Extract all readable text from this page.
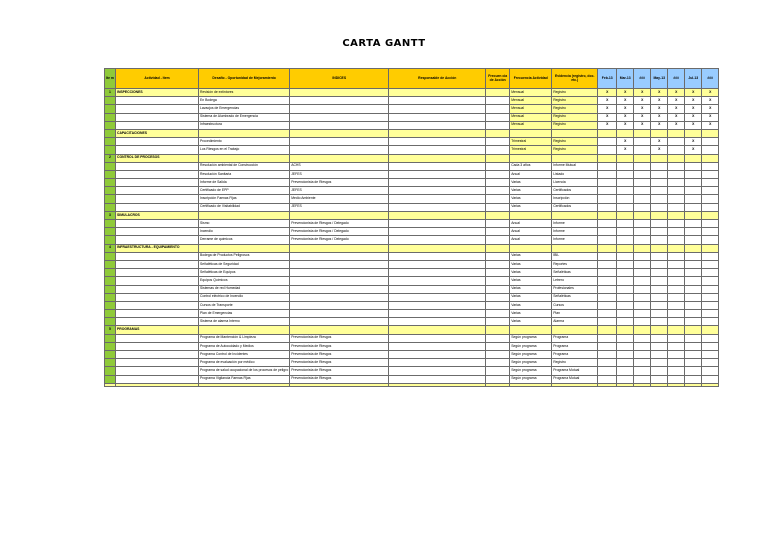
CARTA GANTT
Ite m	Actividad - Item	Desafío - Oportunidad de Mejoramiento	INDICES	Responsable de Acción	Frecuen cia de Acción	Frecuencia Actividad	Evidencia (registro, doc. etc.)	Feb-13	Mar-13	###	May-13	###	Jul-13	###
1	INSPECCIONES	Revisión de extintores				Mensual	Registro	X	X	X	X	X	X	X
		En Bodega				Mensual	Registro	X	X	X	X	X	X	X
		Lavaojos de Emergencias				Mensual	Registro	X	X	X	X	X	X	X
		Sistema de Alumbrado de Emergencia				Mensual	Registro	X	X	X	X	X	X	X
		Infraestructura				Mensual	Registro	X	X	X	X	X	X	X
	CAPACITACIONES													
		Procedimiento				Trimestral	Registro		X		X		X	
		Los Riesgos en el Trabajo				Trimestral	Registro		X		X		X	
2	CONTROL DE PROCESOS													
		Resolución ambiental de Construcción	ACHS			Cada 3 años	Informe Mutual							
		Resolución Sanitaria	JEFES			Anual	Listado							
		Informe de Salida	Prevencionista de Riesgos			Varias	Licencia							
		Certificado de EPP	JEFES			Varias	Certificados							
		Inscripción Faenas Fijas	Medio Ambiente			Varias	Inscripción							
		Certificado de Visitabilidad	JEFES			Varias	Certificados							
3	SIMULACROS													
		Sismo	Prevencionista de Riesgos / Delegado			Anual	Informe							
		Incendio	Prevencionista de Riesgos / Delegado			Anual	Informe							
		Derrame de químicos	Prevencionista de Riesgos / Delegado			Anual	Informe							
4	INFRAESTRUCTURA - EQUIPAMIENTO													
		Bodega de Productos Peligrosos				Varias	IBIL							
		Señaléticas de Seguridad				Varias	Reportes							
		Señaléticas de Equipos				Varias	Señaléticas							
		Equipos Químicos				Varias	Letrero							
		Sistemas de red Humedad				Varias	Profesionales							
		Control eléctrico de Incendio				Varias	Señaléticas							
		Cursos de Transporte				Varias	Cursos							
		Plan de Emergencias				Varias	Plan							
		Sistema de alarma Interno				Varias	Alarma							
5	PROGRAMAS													
		Programa de Mantención & Limpieza	Prevencionista de Riesgos			Según programa	Programa							
		Programa de Autocuidado y Medios	Prevencionista de Riesgos			Según programa	Programa							
		Programa Control de Incidentes	Prevencionista de Riesgos			Según programa	Programa							
		Programa de evaluación por médico	Prevencionista de Riesgos			Según programa	Registro							
		Programa de salud ocupacional de los procesos de peligro	Prevencionista de Riesgos			Según programa	Programa Mutual							
		Programa Vigilancia Faenas Fijas	Prevencionista de Riesgos			Según programa	Programa Mutual							
